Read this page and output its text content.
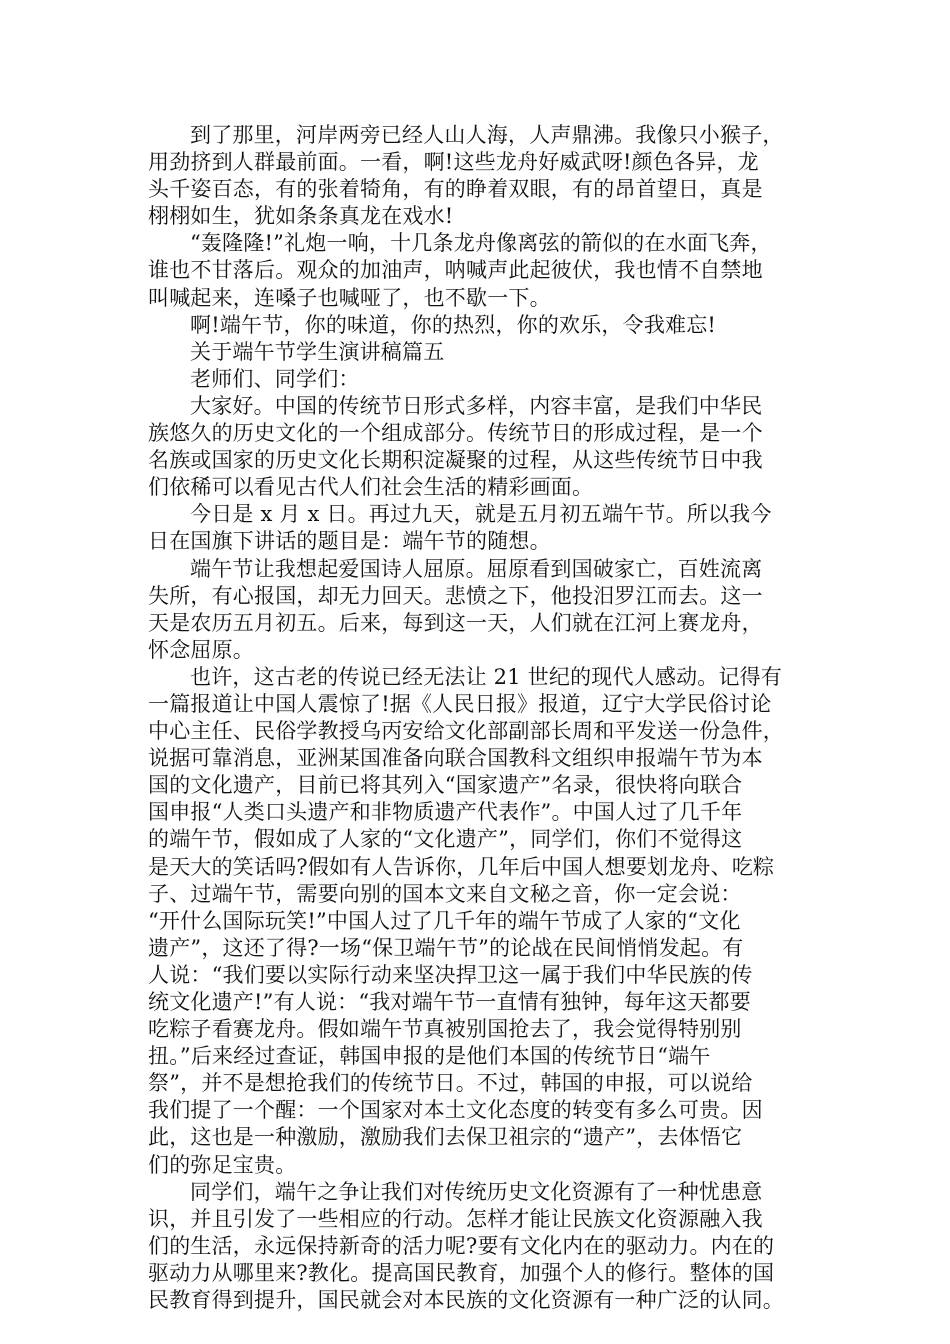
到了那里，河岸两旁已经人山人海，人声鼎沸。我像只小猴子，
用劲挤到人群最前面。一看，啊!这些龙舟好威武呀!颜色各异，龙
头千姿百态，有的张着犄角，有的睁着双眼，有的昂首望日，真是
栩栩如生，犹如条条真龙在戏水!
“轰隆隆!”礼炮一响，十几条龙舟像离弦的箭似的在水面飞奔，
谁也不甘落后。观众的加油声，呐喊声此起彼伏，我也情不自禁地
叫喊起来，连嗓子也喊哑了，也不歇一下。
啊!端午节，你的味道，你的热烈，你的欢乐，令我难忘!
关于端午节学生演讲稿篇五
老师们、同学们：
大家好。中国的传统节日形式多样，内容丰富，是我们中华民
族悠久的历史文化的一个组成部分。传统节日的形成过程，是一个
名族或国家的历史文化长期积淀凝聚的过程，从这些传统节日中我
们依稀可以看见古代人们社会生活的精彩画面。
今日是 x 月 x 日。再过九天，就是五月初五端午节。所以我今
日在国旗下讲话的题目是：端午节的随想。
端午节让我想起爱国诗人屈原。屈原看到国破家亡，百姓流离
失所，有心报国，却无力回天。悲愤之下，他投汨罗江而去。这一
天是农历五月初五。后来，每到这一天，人们就在江河上赛龙舟，
怀念屈原。
也许，这古老的传说已经无法让 21 世纪的现代人感动。记得有
一篇报道让中国人震惊了!据《人民日报》报道，辽宁大学民俗讨论
中心主任、民俗学教授乌丙安给文化部副部长周和平发送一份急件，
说据可靠消息，亚洲某国准备向联合国教科文组织申报端午节为本
国的文化遗产，目前已将其列入“国家遗产”名录，很快将向联合
国申报“人类口头遗产和非物质遗产代表作”。中国人过了几千年
的端午节，假如成了人家的“文化遗产”，同学们，你们不觉得这
是天大的笑话吗?假如有人告诉你，几年后中国人想要划龙舟、吃粽
子、过端午节，需要向别的国本文来自文秘之音，你一定会说：
“开什么国际玩笑!”中国人过了几千年的端午节成了人家的“文化
遗产”，这还了得?一场“保卫端午节”的论战在民间悄悄发起。有
人说：“我们要以实际行动来坚决捍卫这一属于我们中华民族的传
统文化遗产!”有人说：“我对端午节一直情有独钟，每年这天都要
吃粽子看赛龙舟。假如端午节真被别国抢去了，我会觉得特别别
扭。”后来经过查证，韩国申报的是他们本国的传统节日“端午
祭”，并不是想抢我们的传统节日。不过，韩国的申报，可以说给
我们提了一个醒：一个国家对本土文化态度的转变有多么可贵。因
此，这也是一种激励，激励我们去保卫祖宗的“遗产”，去体悟它
们的弥足宝贵。
同学们，端午之争让我们对传统历史文化资源有了一种忧患意
识，并且引发了一些相应的行动。怎样才能让民族文化资源融入我
们的生活，永远保持新奇的活力呢?要有文化内在的驱动力。内在的
驱动力从哪里来?教化。提高国民教育，加强个人的修行。整体的国
民教育得到提升，国民就会对本民族的文化资源有一种广泛的认同。
